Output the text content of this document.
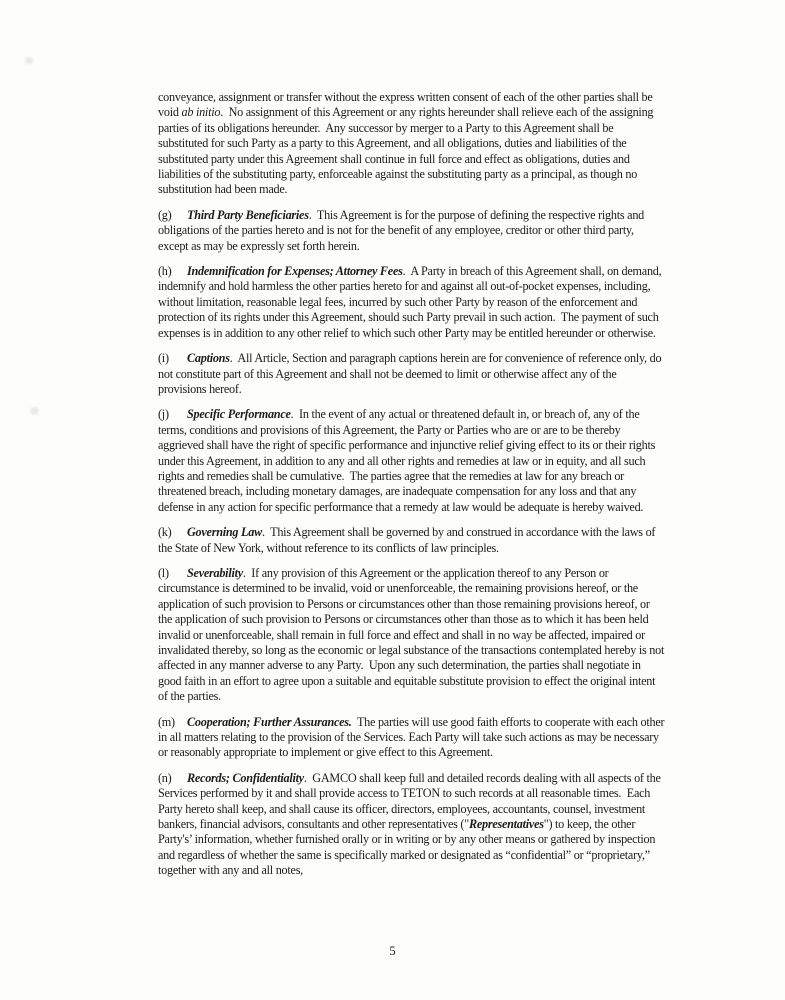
conveyance, assignment or transfer without the express written consent of each of the other parties shall be void ab initio.  No assignment of this Agreement or any rights hereunder shall relieve each of the assigning parties of its obligations hereunder.  Any successor by merger to a Party to this Agreement shall be substituted for such Party as a party to this Agreement, and all obligations, duties and liabilities of the substituted party under this Agreement shall continue in full force and effect as obligations, duties and liabilities of the substituting party, enforceable against the substituting party as a principal, as though no substitution had been made.
(g) Third Party Beneficiaries.  This Agreement is for the purpose of defining the respective rights and obligations of the parties hereto and is not for the benefit of any employee, creditor or other third party, except as may be expressly set forth herein.
(h) Indemnification for Expenses; Attorney Fees.  A Party in breach of this Agreement shall, on demand, indemnify and hold harmless the other parties hereto for and against all out-of-pocket expenses, including, without limitation, reasonable legal fees, incurred by such other Party by reason of the enforcement and protection of its rights under this Agreement, should such Party prevail in such action.  The payment of such expenses is in addition to any other relief to which such other Party may be entitled hereunder or otherwise.
(i) Captions.  All Article, Section and paragraph captions herein are for convenience of reference only, do not constitute part of this Agreement and shall not be deemed to limit or otherwise affect any of the provisions hereof.
(j) Specific Performance.  In the event of any actual or threatened default in, or breach of, any of the terms, conditions and provisions of this Agreement, the Party or Parties who are or are to be thereby aggrieved shall have the right of specific performance and injunctive relief giving effect to its or their rights under this Agreement, in addition to any and all other rights and remedies at law or in equity, and all such rights and remedies shall be cumulative.  The parties agree that the remedies at law for any breach or threatened breach, including monetary damages, are inadequate compensation for any loss and that any defense in any action for specific performance that a remedy at law would be adequate is hereby waived.
(k) Governing Law.  This Agreement shall be governed by and construed in accordance with the laws of the State of New York, without reference to its conflicts of law principles.
(l) Severability.  If any provision of this Agreement or the application thereof to any Person or circumstance is determined to be invalid, void or unenforceable, the remaining provisions hereof, or the application of such provision to Persons or circumstances other than those remaining provisions hereof, or the application of such provision to Persons or circumstances other than those as to which it has been held invalid or unenforceable, shall remain in full force and effect and shall in no way be affected, impaired or invalidated thereby, so long as the economic or legal substance of the transactions contemplated hereby is not affected in any manner adverse to any Party.  Upon any such determination, the parties shall negotiate in good faith in an effort to agree upon a suitable and equitable substitute provision to effect the original intent of the parties.
(m) Cooperation; Further Assurances.  The parties will use good faith efforts to cooperate with each other in all matters relating to the provision of the Services. Each Party will take such actions as may be necessary or reasonably appropriate to implement or give effect to this Agreement.
(n) Records; Confidentiality.  GAMCO shall keep full and detailed records dealing with all aspects of the Services performed by it and shall provide access to TETON to such records at all reasonable times.  Each Party hereto shall keep, and shall cause its officer, directors, employees, accountants, counsel, investment bankers, financial advisors, consultants and other representatives ("Representatives") to keep, the other Party's’ information, whether furnished orally or in writing or by any other means or gathered by inspection and regardless of whether the same is specifically marked or designated as “confidential” or “proprietary,” together with any and all notes,
5
